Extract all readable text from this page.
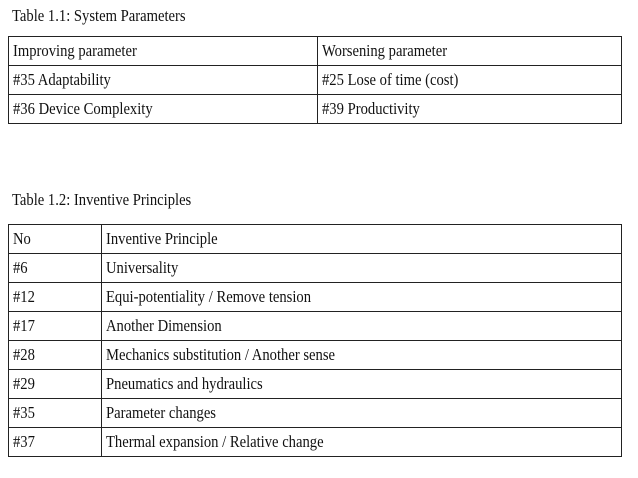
Table 1.1: System Parameters
Improving parameter	Worsening parameter
#35 Adaptability	#25 Lose of time (cost)
#36 Device Complexity	#39 Productivity
Table 1.2: Inventive Principles
No	Inventive Principle
#6	Universality
#12	Equi-potentiality / Remove tension
#17	Another Dimension
#28	Mechanics substitution / Another sense
#29	Pneumatics and hydraulics
#35	Parameter changes
#37	Thermal expansion / Relative change
